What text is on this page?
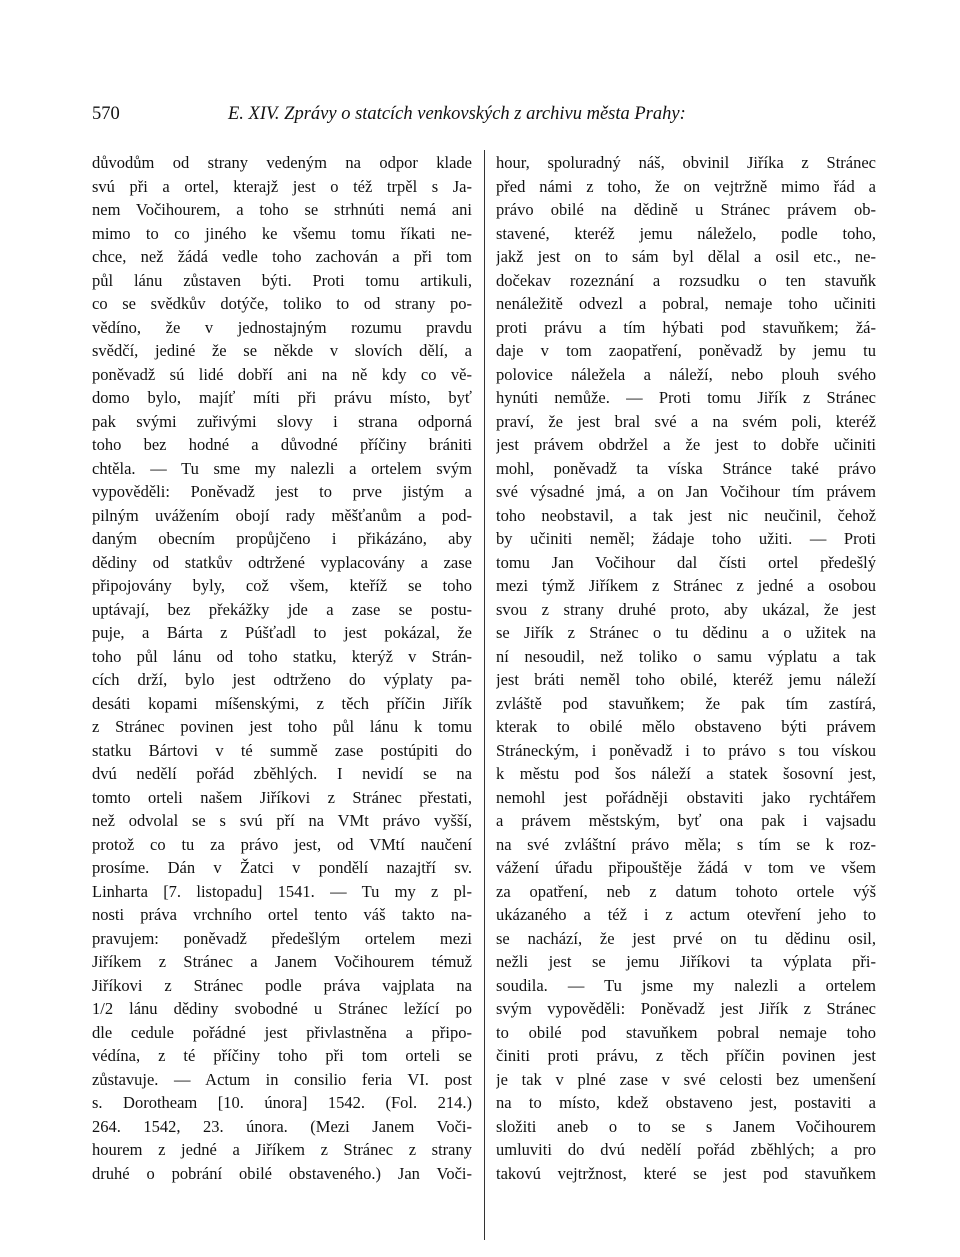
570	E. XIV. Zprávy o statcích venkovských z archivu města Prahy:
důvodům od strany vedeným na odpor klade
svú při a ortel, kterajž jest o též trpěl s Ja-
nem Vočihourem, a toho se strhnúti nemá ani
mimo to co jiného ke všemu tomu říkati ne-
chce, než žádá vedle toho zachován a při tom
půl lánu zůstaven býti. Proti tomu artikuli,
co se svědkův dotýče, toliko to od strany po-
vědíno, že v jednostajným rozumu pravdu
svědčí, jediné že se někde v slovích dělí, a
poněvadž sú lidé dobří ani na ně kdy co vě-
domo bylo, majíť míti při právu místo, byť
pak svými zuřivými slovy i strana odporná
toho bez hodné a důvodné příčiny brániti
chtěla. — Tu sme my nalezli a ortelem svým
vypověděli: Poněvadž jest to prve jistým a
pilným uvážením obojí rady měšťanům a pod-
daným obecním propůjčeno i přikázáno, aby
dědiny od statkův odtržené vyplacovány a zase
připojovány byly, což všem, kteříž se toho
uptávají, bez překážky jde a zase se postu-
puje, a Bárta z Púšťadl to jest pokázal, že
toho půl lánu od toho statku, kterýž v Strán-
cích drží, bylo jest odtrženo do výplaty pa-
desáti kopami míšenskými, z těch příčin Jiřík
z Stránec povinen jest toho půl lánu k tomu
statku Bártovi v té summě zase postúpiti do
dvú nedělí pořád zběhlých. I nevidí se na
tomto orteli našem Jiříkovi z Stránec přestati,
než odvolal se s svú pří na VMt právo vyšší,
protož co tu za právo jest, od VMtí naučení
prosíme. Dán v Žatci v pondělí nazajtří sv.
Linharta [7. listopadu] 1541. — Tu my z pl-
nosti práva vrchního ortel tento váš takto na-
pravujem: poněvadž předešlým ortelem mezi
Jiříkem z Stránec a Janem Vočihourem témuž
Jiříkovi z Stránec podle práva vajplata na
1/2 lánu dědiny svobodné u Stránec ležící po
dle cedule pořádné jest přivlastněna a připo-
védína, z té příčiny toho při tom orteli se
zůstavuje. — Actum in consilio feria VI. post
s. Dorotheam [10. února] 1542. (Fol. 214.)
264. 1542, 23. února. (Mezi Janem Voči-
hourem z jedné a Jiříkem z Stránec z strany
druhé o pobrání obilé obstaveného.) Jan Voči-
hour, spoluradný náš, obvinil Jiříka z Stránec
před námi z toho, že on vejtržně mimo řád a
právo obilé na dědině u Stránec právem ob-
stavené, kteréž jemu náleželo, podle toho,
jakž jest on to sám byl dělal a osil etc., ne-
dočekav rozeznání a rozsudku o ten stavuňk
nenáležitě odvezl a pobral, nemaje toho učiniti
proti právu a tím hýbati pod stavuňkem; žá-
daje v tom zaopatření, poněvadž by jemu tu
polovice náležela a náleží, nebo plouh svého
hynúti nemůže. — Proti tomu Jiřík z Stránec
praví, že jest bral své a na svém poli, kteréž
jest právem obdržel a že jest to dobře učiniti
mohl, poněvadž ta víska Stránce také právo
své výsadné jmá, a on Jan Vočihour tím právem
toho neobstavil, a tak jest nic neučinil, čehož
by učiniti neměl; žádaje toho užiti. — Proti
tomu Jan Vočihour dal čísti ortel předešlý
mezi týmž Jiříkem z Stránec z jedné a osobou
svou z strany druhé proto, aby ukázal, že jest
se Jiřík z Stránec o tu dědinu a o užitek na
ní nesoudil, než toliko o samu výplatu a tak
jest bráti neměl toho obilé, kteréž jemu náleží
zvláště pod stavuňkem; že pak tím zastírá,
kterak to obilé mělo obstaveno býti právem
Stráneckým, i poněvadž i to právo s tou vískou
k městu pod šos náleží a statek šosovní jest,
nemohl jest pořádněji obstaviti jako rychtářem
a právem městským, byť ona pak i vajsadu
na své zvláštní právo měla; s tím se k roz-
vážení úřadu připouštěje žádá v tom ve všem
za opatření, neb z datum tohoto ortele výš
ukázaného a též i z actum otevření jeho to
se nachází, že jest prvé on tu dědinu osil,
nežli jest se jemu Jiříkovi ta výplata při-
soudila. — Tu jsme my nalezli a ortelem
svým vypověděli: Poněvadž jest Jiřík z Stránec
to obilé pod stavuňkem pobral nemaje toho
činiti proti právu, z těch příčin povinen jest
je tak v plné zase v své celosti bez umenšení
na to místo, kdež obstaveno jest, postaviti a
složiti aneb o to se s Janem Vočihourem
umluviti do dvú nedělí pořád zběhlých; a pro
takovú vejtržnost, které se jest pod stavuňkem
